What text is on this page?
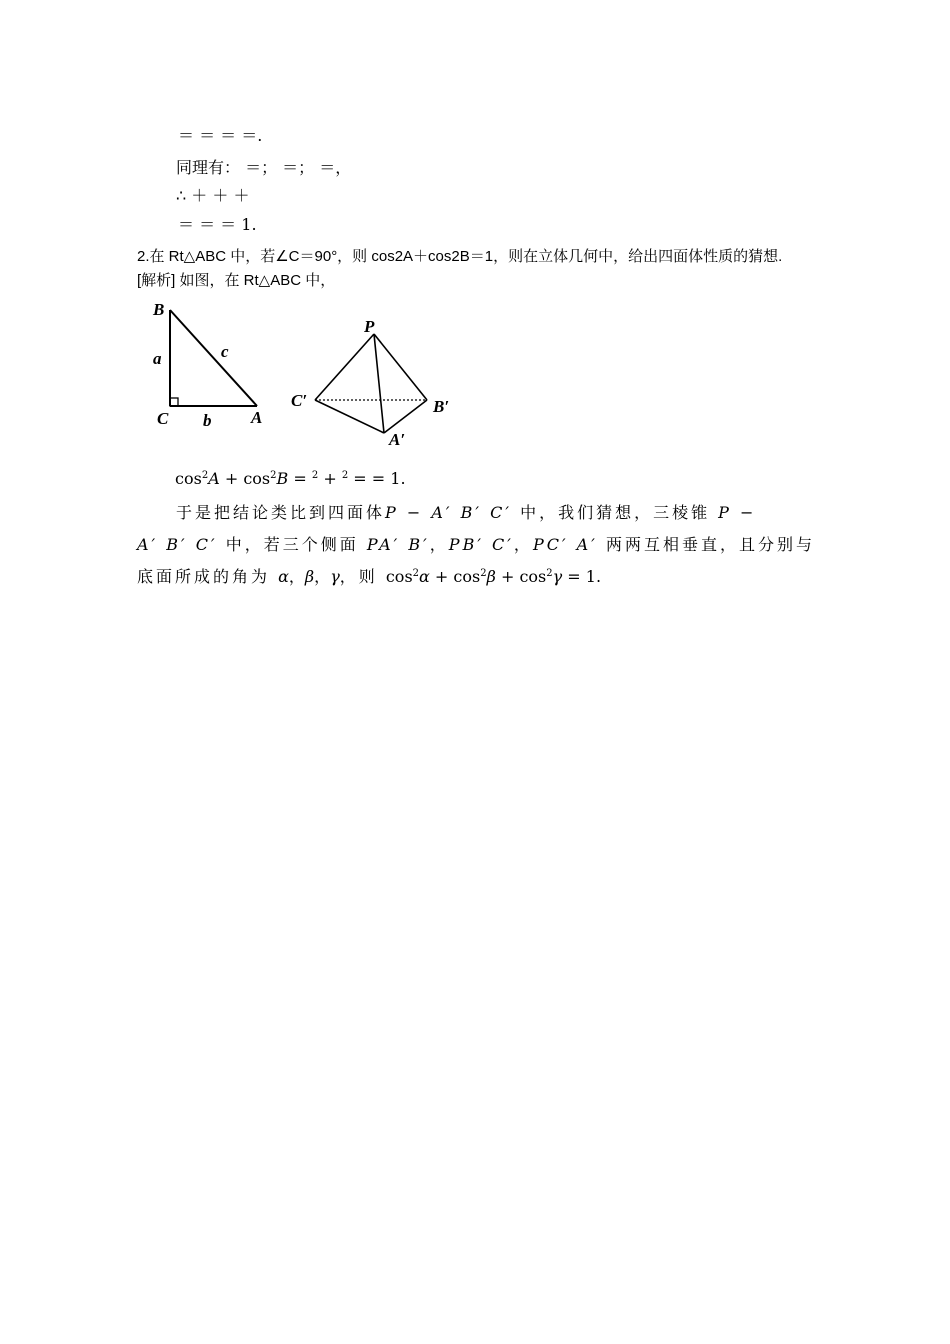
＝ ＝ ＝ ＝.
同理有： ＝； ＝； ＝，
∴ ＋ ＋ ＋
＝ ＝ ＝ 1.
2.在 Rt△ABC 中，若∠C＝90°，则 cos2A＋cos2B＝1，则在立体几何中，给出四面体性质的猜想.
[解析] 如图，在 Rt△ABC 中，
B
a	c
C b A
P
C′	B′
A′
$\cos^2A + \cos^2B = ^2 + ^2$ = = 1.
于是把结论类比到四面体P − A′ B′ C′ 中，我们猜想，三棱锥 P −
A′ B′ C′ 中，若三个侧面 PA′ B′，PB′ C′，PC′ A′ 两两互相垂直，且分别与
底面所成的角为 α，β，γ，则 $\cos^2\alpha + \cos^2\beta + \cos^2\gamma = 1$.
